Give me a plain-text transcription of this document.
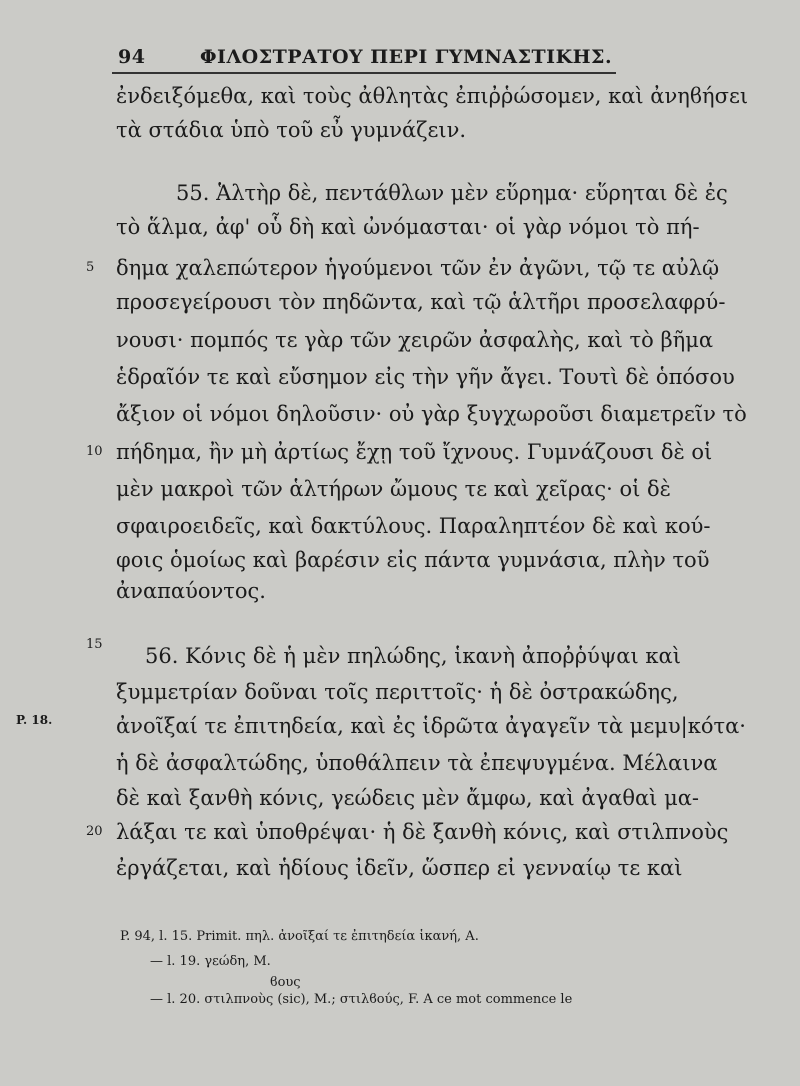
94	ΦΙΛΟΣΤΡΑΤΟΥ ΠΕΡΙ ΓΥΜΝΑΣΤΙΚΗΣ.
ἐνδειξόμεθα, καὶ τοὺς ἀθλητὰς ἐπιῤῥώσομεν, καὶ ἀνηϐήσει
τὰ στάδια ὑπὸ τοῦ εὖ γυμνάζειν.
55. Ἁλτὴρ δὲ, πεντάθλων μὲν εὕρημα· εὕρηται δὲ ἐς
τὸ ἅλμα, ἀφ' οὗ δὴ καὶ ὠνόμασται· οἱ γὰρ νόμοι τὸ πή-
δημα χαλεπώτερον ἡγούμενοι τῶν ἐν ἀγῶνι, τῷ τε αὐλῷ
προσεγείρουσι τὸν πηδῶντα, καὶ τῷ ἁλτῆρι προσελαφρύ-
νουσι· πομπός τε γὰρ τῶν χειρῶν ἀσφαλὴς, καὶ τὸ βῆμα
ἑδραῖόν τε καὶ εὔσημον εἰς τὴν γῆν ἄγει. Τουτὶ δὲ ὁπόσου
ἄξιον οἱ νόμοι δηλοῦσιν· οὐ γὰρ ξυγχωροῦσι διαμετρεῖν τὸ
πήδημα, ἢν μὴ ἀρτίως ἔχῃ τοῦ ἴχνους. Γυμνάζουσι δὲ οἱ
μὲν μακροὶ τῶν ἁλτήρων ὤμους τε καὶ χεῖρας· οἱ δὲ
σφαιροειδεῖς, καὶ δακτύλους. Παραληπτέον δὲ καὶ κού-
φοις ὁμοίως καὶ βαρέσιν εἰς πάντα γυμνάσια, πλὴν τοῦ
ἀναπαύοντος.
56. Κόνις δὲ ἡ μὲν πηλώδης, ἱκανὴ ἀποῤῥύψαι καὶ
ξυμμετρίαν δοῦναι τοῖς περιττοῖς· ἡ δὲ ὀστρακώδης,
ἀνοῖξαί τε ἐπιτηδεία, καὶ ἐς ἱδρῶτα ἀγαγεῖν τὰ μεμυ|κότα·
ἡ δὲ ἀσφαλτώδης, ὑποθάλπειν τὰ ἐπεψυγμένα. Μέλαινα
δὲ καὶ ξανθὴ κόνις, γεώδεις μὲν ἄμφω, καὶ ἀγαθαὶ μα-
λάξαι τε καὶ ὑποθρέψαι· ἡ δὲ ξανθὴ κόνις, καὶ στιλπνοὺς
ἐργάζεται, καὶ ἡδίους ἰδεῖν, ὥσπερ εἰ γενναίῳ τε καὶ
5
10
15
20
P. 18.
P. 94, l. 15. Primit. πηλ. ἀνοῖξαί τε ἐπιτηδεία ἱκανή, A.
— l. 19. γεώδη, M.
ϐους
— l. 20. στιλπνοὺς (sic), M.; στιλϐούς, F. A ce mot commence le
